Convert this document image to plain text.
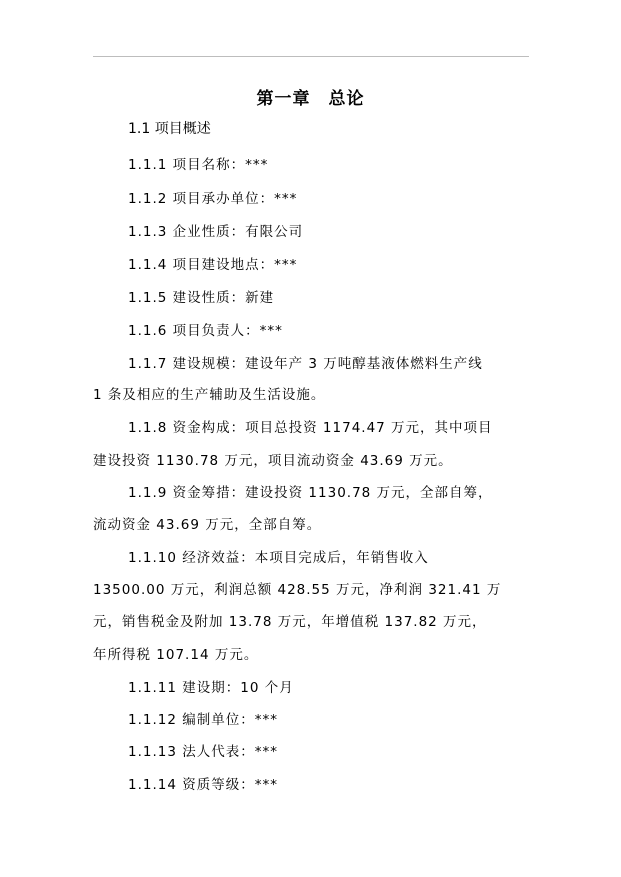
第一章　总论
1.1 项目概述
1.1.1 项目名称：***
1.1.2 项目承办单位：***
1.1.3 企业性质：有限公司
1.1.4 项目建设地点：***
1.1.5 建设性质：新建
1.1.6 项目负责人：***
1.1.7 建设规模：建设年产 3 万吨醇基液体燃料生产线
1 条及相应的生产辅助及生活设施。
1.1.8 资金构成：项目总投资 1174.47 万元，其中项目
建设投资 1130.78 万元，项目流动资金 43.69 万元。
1.1.9 资金筹措：建设投资 1130.78 万元，全部自筹，
流动资金 43.69 万元，全部自筹。
1.1.10 经济效益：本项目完成后，年销售收入
13500.00 万元，利润总额 428.55 万元，净利润 321.41 万
元，销售税金及附加 13.78 万元，年增值税 137.82 万元，
年所得税 107.14 万元。
1.1.11 建设期：10 个月
1.1.12 编制单位：***
1.1.13 法人代表：***
1.1.14 资质等级：***
